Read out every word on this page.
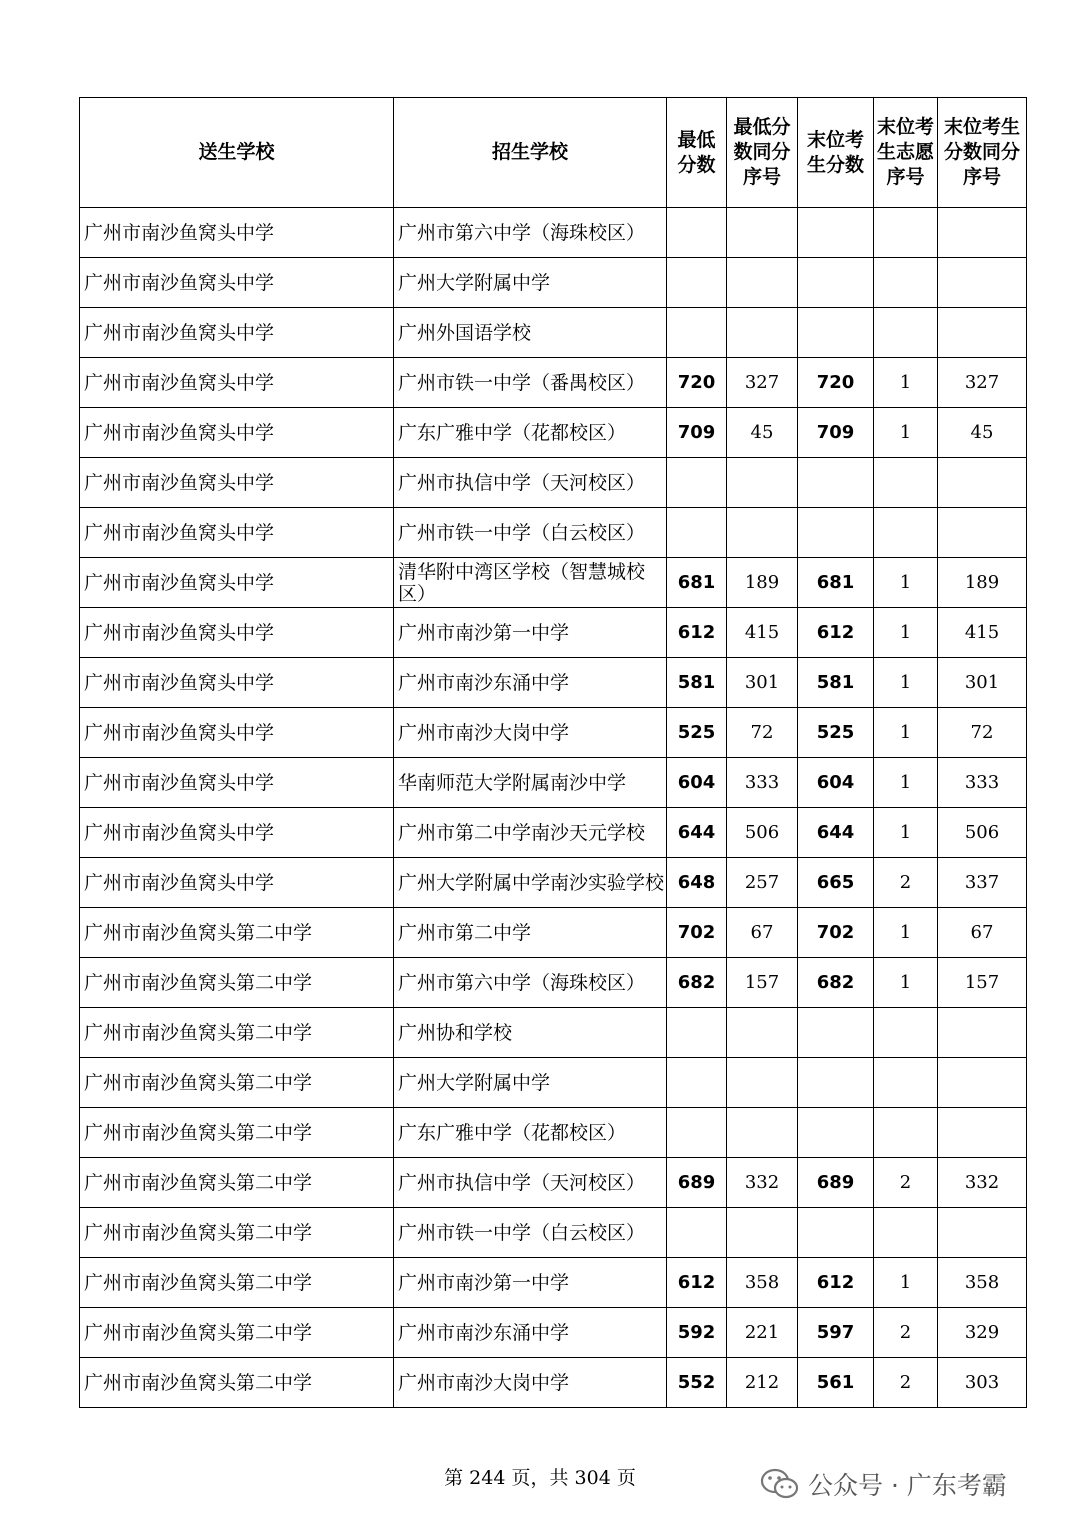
送生学校	招生学校	最低分数	最低分数同分序号	末位考生分数	末位考生志愿序号	末位考生分数同分序号
广州市南沙鱼窝头中学	广州市第六中学（海珠校区）					
广州市南沙鱼窝头中学	广州大学附属中学					
广州市南沙鱼窝头中学	广州外国语学校					
广州市南沙鱼窝头中学	广州市铁一中学（番禺校区）	720	327	720	1	327
广州市南沙鱼窝头中学	广东广雅中学（花都校区）	709	45	709	1	45
广州市南沙鱼窝头中学	广州市执信中学（天河校区）					
广州市南沙鱼窝头中学	广州市铁一中学（白云校区）					
广州市南沙鱼窝头中学	清华附中湾区学校（智慧城校区）	681	189	681	1	189
广州市南沙鱼窝头中学	广州市南沙第一中学	612	415	612	1	415
广州市南沙鱼窝头中学	广州市南沙东涌中学	581	301	581	1	301
广州市南沙鱼窝头中学	广州市南沙大岗中学	525	72	525	1	72
广州市南沙鱼窝头中学	华南师范大学附属南沙中学	604	333	604	1	333
广州市南沙鱼窝头中学	广州市第二中学南沙天元学校	644	506	644	1	506
广州市南沙鱼窝头中学	广州大学附属中学南沙实验学校	648	257	665	2	337
广州市南沙鱼窝头第二中学	广州市第二中学	702	67	702	1	67
广州市南沙鱼窝头第二中学	广州市第六中学（海珠校区）	682	157	682	1	157
广州市南沙鱼窝头第二中学	广州协和学校					
广州市南沙鱼窝头第二中学	广州大学附属中学					
广州市南沙鱼窝头第二中学	广东广雅中学（花都校区）					
广州市南沙鱼窝头第二中学	广州市执信中学（天河校区）	689	332	689	2	332
广州市南沙鱼窝头第二中学	广州市铁一中学（白云校区）					
广州市南沙鱼窝头第二中学	广州市南沙第一中学	612	358	612	1	358
广州市南沙鱼窝头第二中学	广州市南沙东涌中学	592	221	597	2	329
广州市南沙鱼窝头第二中学	广州市南沙大岗中学	552	212	561	2	303
第 244 页，共 304 页	公众号 · 广东考霸
